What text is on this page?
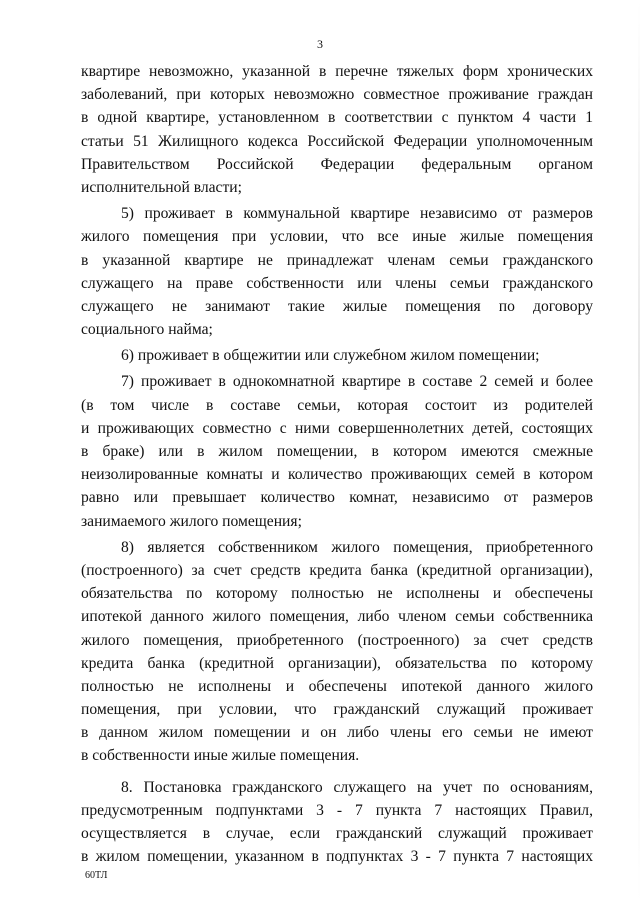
3
квартире невозможно, указанной в перечне тяжелых форм хронических
заболеваний, при которых невозможно совместное проживание граждан
в одной квартире, установленном в соответствии с пунктом 4 части 1
статьи 51 Жилищного кодекса Российской Федерации уполномоченным
Правительством Российской Федерации федеральным органом
исполнительной власти;
5) проживает в коммунальной квартире независимо от размеров
жилого помещения при условии, что все иные жилые помещения
в указанной квартире не принадлежат членам семьи гражданского
служащего на праве собственности или члены семьи гражданского
служащего не занимают такие жилые помещения по договору
социального найма;
6) проживает в общежитии или служебном жилом помещении;
7) проживает в однокомнатной квартире в составе 2 семей и более
(в том числе в составе семьи, которая состоит из родителей
и проживающих совместно с ними совершеннолетних детей, состоящих
в браке) или в жилом помещении, в котором имеются смежные
неизолированные комнаты и количество проживающих семей в котором
равно или превышает количество комнат, независимо от размеров
занимаемого жилого помещения;
8) является собственником жилого помещения, приобретенного
(построенного) за счет средств кредита банка (кредитной организации),
обязательства по которому полностью не исполнены и обеспечены
ипотекой данного жилого помещения, либо членом семьи собственника
жилого помещения, приобретенного (построенного) за счет средств
кредита банка (кредитной организации), обязательства по которому
полностью не исполнены и обеспечены ипотекой данного жилого
помещения, при условии, что гражданский служащий проживает
в данном жилом помещении и он либо члены его семьи не имеют
в собственности иные жилые помещения.
8. Постановка гражданского служащего на учет по основаниям,
предусмотренным подпунктами 3 - 7 пункта 7 настоящих Правил,
осуществляется в случае, если гражданский служащий проживает
в жилом помещении, указанном в подпунктах 3 - 7 пункта 7 настоящих
60ТЛ
